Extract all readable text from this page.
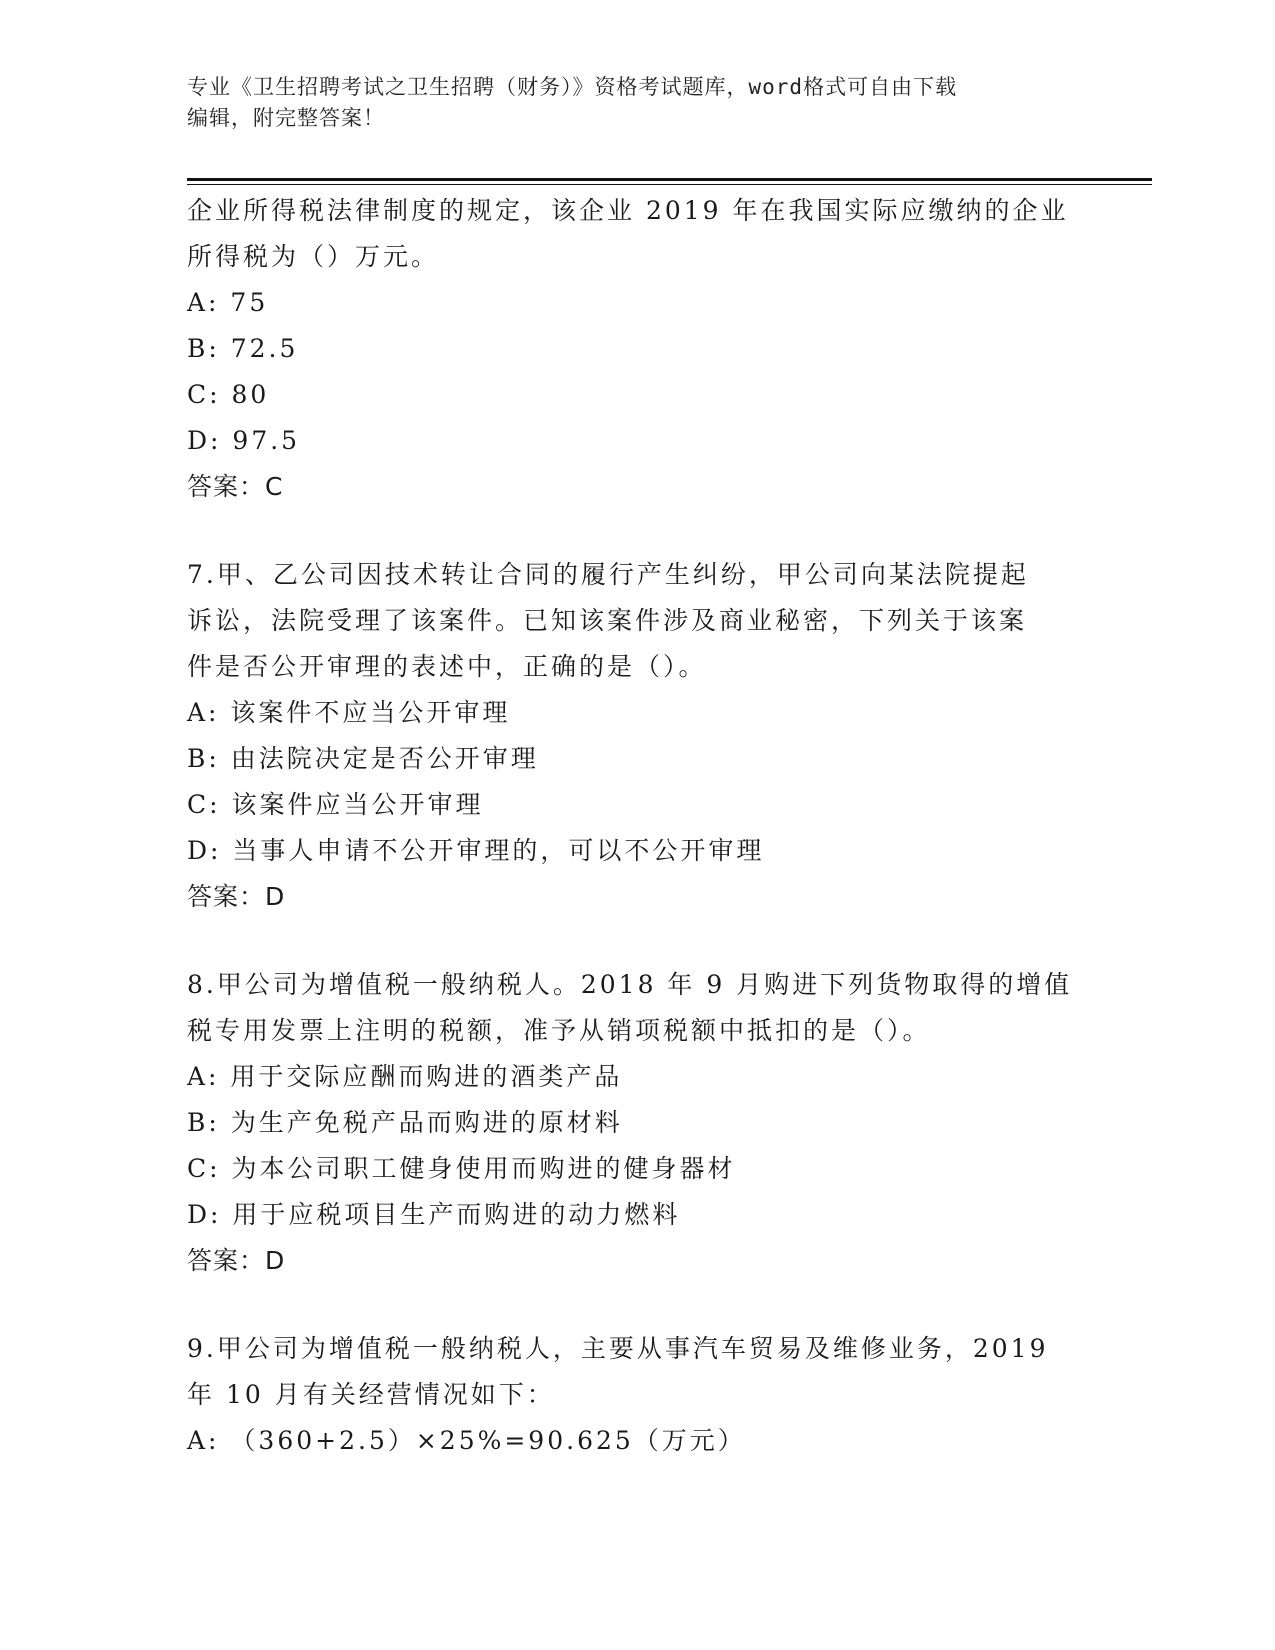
专业《卫生招聘考试之卫生招聘（财务）》资格考试题库，word格式可自由下载
编辑，附完整答案！
企业所得税法律制度的规定，该企业 2019 年在我国实际应缴纳的企业
所得税为（）万元。
A: 75
B: 72.5
C: 80
D: 97.5
答案：C
7.甲、乙公司因技术转让合同的履行产生纠纷，甲公司向某法院提起
诉讼，法院受理了该案件。已知该案件涉及商业秘密，下列关于该案
件是否公开审理的表述中，正确的是（）。
A: 该案件不应当公开审理
B: 由法院决定是否公开审理
C: 该案件应当公开审理
D: 当事人申请不公开审理的，可以不公开审理
答案：D
8.甲公司为增值税一般纳税人。2018 年 9 月购进下列货物取得的增值
税专用发票上注明的税额，准予从销项税额中抵扣的是（）。
A: 用于交际应酬而购进的酒类产品
B: 为生产免税产品而购进的原材料
C: 为本公司职工健身使用而购进的健身器材
D: 用于应税项目生产而购进的动力燃料
答案：D
9.甲公司为增值税一般纳税人，主要从事汽车贸易及维修业务，2019
年 10 月有关经营情况如下：
A: （360+2.5）×25%=90.625（万元）
